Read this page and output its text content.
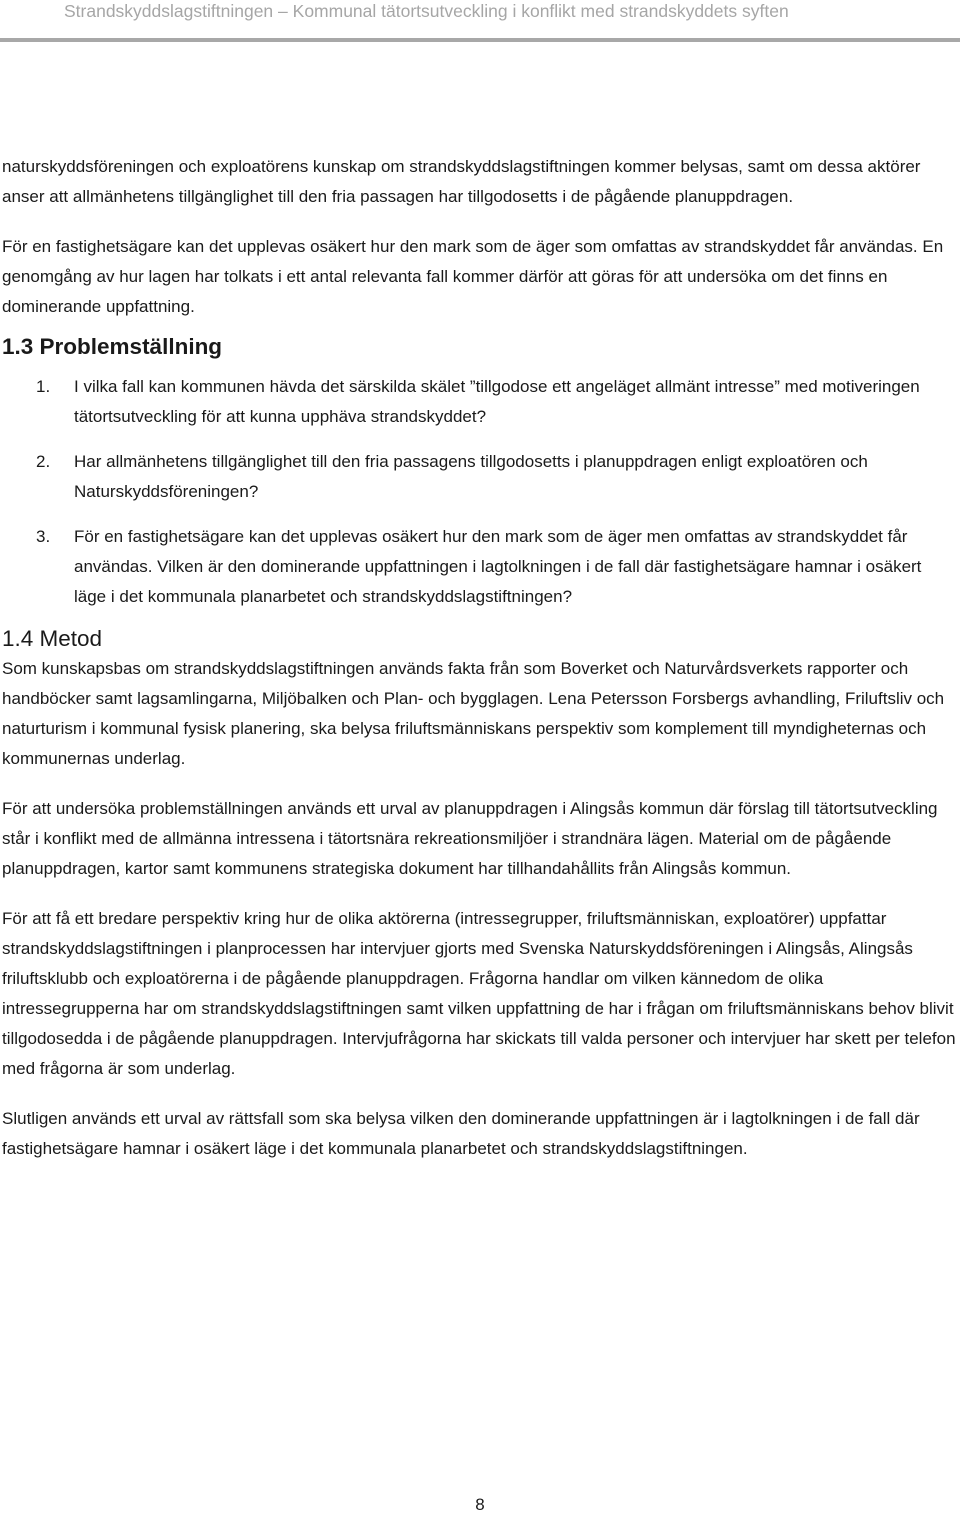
Strandskyddslagstiftningen – Kommunal tätortsutveckling i konflikt med strandskyddets syften

naturskyddsföreningen och exploatörens kunskap om strandskyddslagstiftningen kommer belysas, samt om dessa aktörer anser att allmänhetens tillgänglighet till den fria passagen har tillgodosetts i de pågående planuppdragen.

För en fastighetsägare kan det upplevas osäkert hur den mark som de äger som omfattas av strandskyddet får användas. En genomgång av hur lagen har tolkats i ett antal relevanta fall kommer därför att göras för att undersöka om det finns en dominerande uppfattning.

1.3 Problemställning
1. I vilka fall kan kommunen hävda det särskilda skälet ”tillgodose ett angeläget allmänt intresse” med motiveringen tätortsutveckling för att kunna upphäva strandskyddet?
2. Har allmänhetens tillgänglighet till den fria passagens tillgodosetts i planuppdragen enligt exploatören och Naturskyddsföreningen?
3. För en fastighetsägare kan det upplevas osäkert hur den mark som de äger men omfattas av strandskyddet får användas. Vilken är den dominerande uppfattningen i lagtolkningen i de fall där fastighetsägare hamnar i osäkert läge i det kommunala planarbetet och strandskyddslagstiftningen?
1.4 Metod

Som kunskapsbas om strandskyddslagstiftningen används fakta från som Boverket och Naturvårdsverkets rapporter och handböcker samt lagsamlingarna, Miljöbalken och Plan- och bygglagen. Lena Petersson Forsbergs avhandling, Friluftsliv och naturturism i kommunal fysisk planering, ska belysa friluftsmänniskans perspektiv som komplement till myndigheternas och kommunernas underlag.

För att undersöka problemställningen används ett urval av planuppdragen i Alingsås kommun där förslag till tätortsutveckling står i konflikt med de allmänna intressena i tätortsnära rekreationsmiljöer i strandnära lägen. Material om de pågående planuppdragen, kartor samt kommunens strategiska dokument har tillhandahållits från Alingsås kommun.

För att få ett bredare perspektiv kring hur de olika aktörerna (intressegrupper, friluftsmänniskan, exploatörer) uppfattar strandskyddslagstiftningen i planprocessen har intervjuer gjorts med Svenska Naturskyddsföreningen i Alingsås, Alingsås friluftsklubb och exploatörerna i de pågående planuppdragen. Frågorna handlar om vilken kännedom de olika intressegrupperna har om strandskyddslagstiftningen samt vilken uppfattning de har i frågan om friluftsmänniskans behov blivit tillgodosedda i de pågående planuppdragen. Intervjufrågorna har skickats till valda personer och intervjuer har skett per telefon med frågorna är som underlag.

Slutligen används ett urval av rättsfall som ska belysa vilken den dominerande uppfattningen är i lagtolkningen i de fall där fastighetsägare hamnar i osäkert läge i det kommunala planarbetet och strandskyddslagstiftningen.

8
